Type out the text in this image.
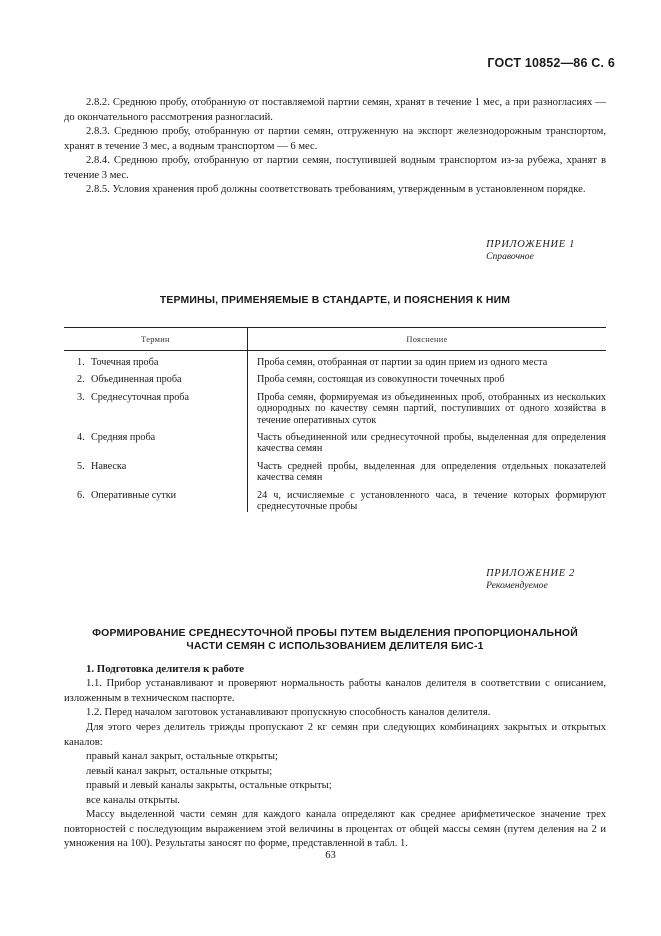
ГОСТ 10852—86 С. 6

2.8.2. Среднюю пробу, отобранную от поставляемой партии семян, хранят в течение 1 мес, а при разногласиях — до окончательного рассмотрения разногласий.

2.8.3. Среднюю пробу, отобранную от партии семян, отгруженную на экспорт железнодорожным транспортом, хранят в течение 3 мес, а водным транспортом — 6 мес.

2.8.4. Среднюю пробу, отобранную от партии семян, поступившей водным транспортом из-за рубежа, хранят в течение 3 мес.

2.8.5. Условия хранения проб должны соответствовать требованиям, утвержденным в установленном порядке.

ПРИЛОЖЕНИЕ 1
Справочное
ТЕРМИНЫ, ПРИМЕНЯЕМЫЕ В СТАНДАРТЕ, И ПОЯСНЕНИЯ К НИМ
Термин	Пояснение
1. Точечная проба	Проба семян, отобранная от партии за один прием из одного места
2. Объединенная проба	Проба семян, состоящая из совокупности точечных проб
3. Среднесуточная проба	Проба семян, формируемая из объединенных проб, отобранных из нескольких однородных по качеству семян партий, поступивших от одного хозяйства в течение оперативных суток
4. Средняя проба	Часть объединенной или среднесуточной пробы, выделенная для определения качества семян
5. Навеска	Часть средней пробы, выделенная для определения отдельных показателей качества семян
6. Оперативные сутки	24 ч, исчисляемые с установленного часа, в течение которых формируют среднесуточные пробы
ПРИЛОЖЕНИЕ 2
Рекомендуемое
ФОРМИРОВАНИЕ СРЕДНЕСУТОЧНОЙ ПРОБЫ ПУТЕМ ВЫДЕЛЕНИЯ ПРОПОРЦИОНАЛЬНОЙ
ЧАСТИ СЕМЯН С ИСПОЛЬЗОВАНИЕМ ДЕЛИТЕЛЯ БИС-1
1. Подготовка делителя к работе

1.1. Прибор устанавливают и проверяют нормальность работы каналов делителя в соответствии с описанием, изложенным в техническом паспорте.

1.2. Перед началом заготовок устанавливают пропускную способность каналов делителя.

Для этого через делитель трижды пропускают 2 кг семян при следующих комбинациях закрытых и открытых каналов:

правый канал закрыт, остальные открыты;

левый канал закрыт, остальные открыты;

правый и левый каналы закрыты, остальные открыты;

все каналы открыты.

Массу выделенной части семян для каждого канала определяют как среднее арифметическое значение трех повторностей с последующим выражением этой величины в процентах от общей массы семян (путем деления на 2 и умножения на 100). Результаты заносят по форме, представленной в табл. 1.

63
